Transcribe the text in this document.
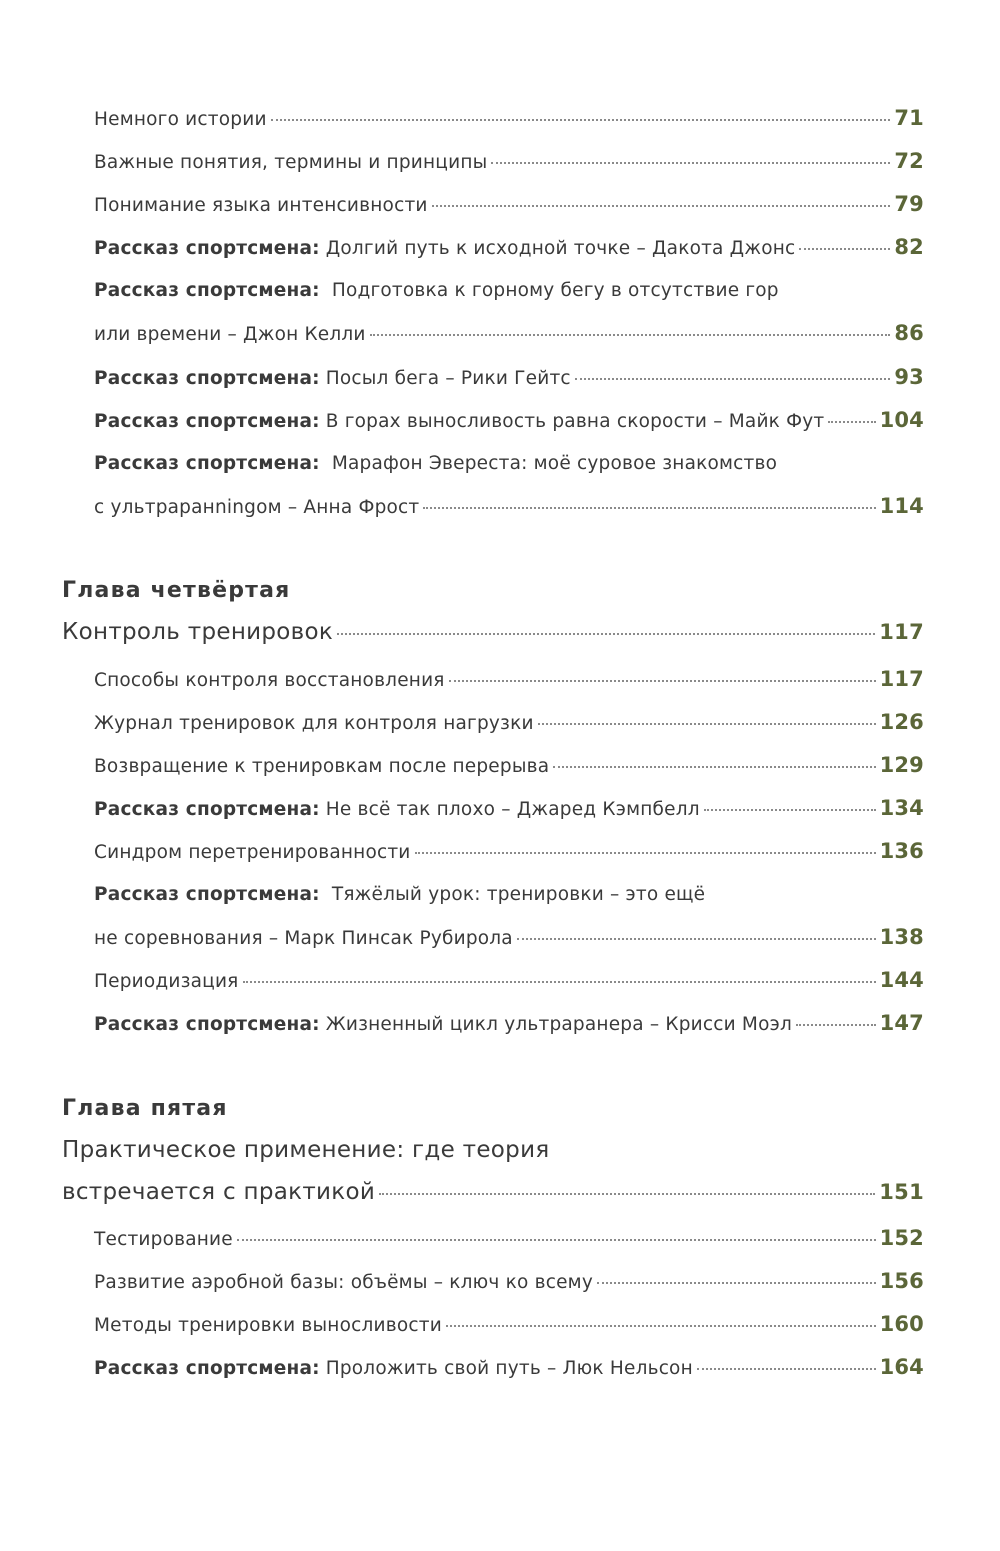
Немного истории	71
Важные понятия, термины и принципы	72
Понимание языка интенсивности	79
Рассказ спортсмена: Долгий путь к исходной точке – Дакота Джонс	82
Рассказ спортсмена: Подготовка к горному бегу в отсутствие гор
или времени – Джон Келли	86
Рассказ спортсмена: Посыл бега – Рики Гейтс	93
Рассказ спортсмена: В горах выносливость равна скорости – Майк Фут	104
Рассказ спортсмена: Марафон Эвереста: моё суровое знакомство
с ультраранningом – Анна Фрост	114
Глава четвёртая
Контроль тренировок	117
Способы контроля восстановления	117
Журнал тренировок для контроля нагрузки	126
Возвращение к тренировкам после перерыва	129
Рассказ спортсмена: Не всё так плохо – Джаред Кэмпбелл	134
Синдром перетренированности	136
Рассказ спортсмена: Тяжёлый урок: тренировки – это ещё
не соревнования – Марк Пинсак Рубирола	138
Периодизация	144
Рассказ спортсмена: Жизненный цикл ультраранера – Крисси Моэл	147
Глава пятая
Практическое применение: где теория
встречается с практикой	151
Тестирование	152
Развитие аэробной базы: объёмы – ключ ко всему	156
Методы тренировки выносливости	160
Рассказ спортсмена: Проложить свой путь – Люк Нельсон	164
